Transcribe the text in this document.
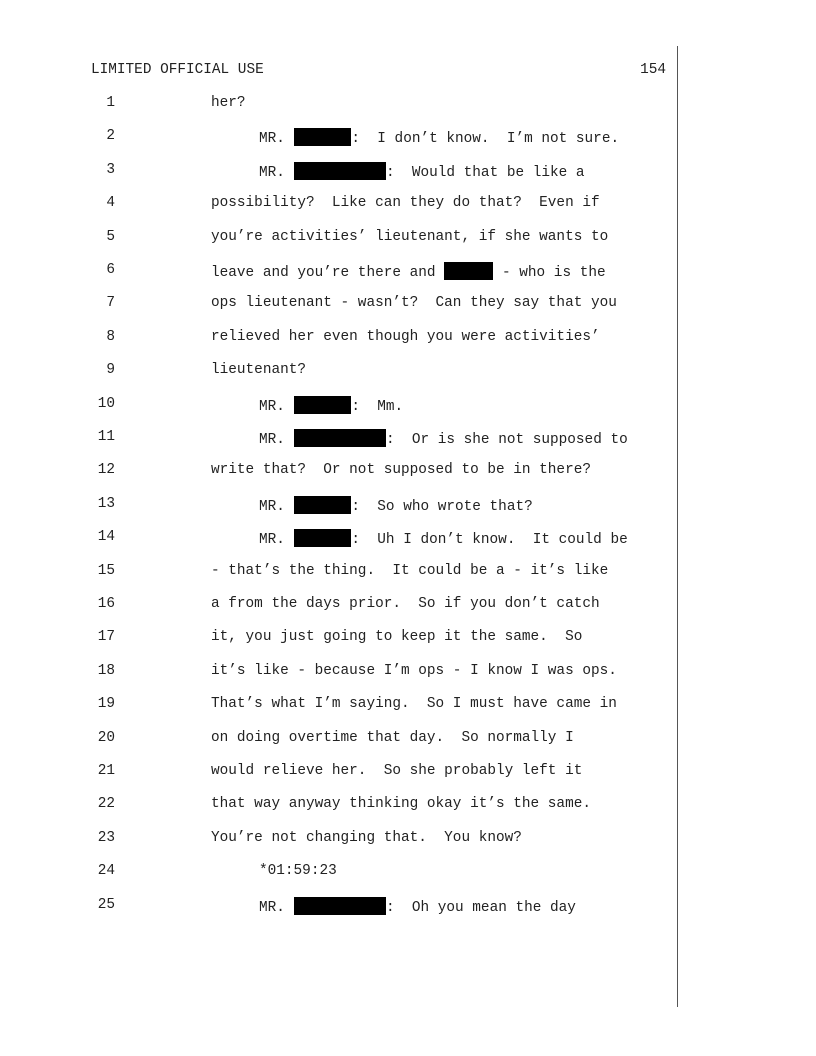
LIMITED OFFICIAL USE	154
1	her?
2	MR.	:  I don’t know.  I’m not sure.
3	MR.	:  Would that be like a
4	possibility?  Like can they do that?  Even if
5	you’re activities’ lieutenant, if she wants to
6	leave and you’re there and	- who is the
7	ops lieutenant - wasn’t?  Can they say that you
8	relieved her even though you were activities’
9	lieutenant?
10	MR.	:  Mm.
11	MR.	:  Or is she not supposed to
12	write that?  Or not supposed to be in there?
13	MR.	:  So who wrote that?
14	MR.	:  Uh I don’t know.  It could be
15	- that’s the thing.  It could be a - it’s like
16	a from the days prior.  So if you don’t catch
17	it, you just going to keep it the same.  So
18	it’s like - because I’m ops - I know I was ops.
19	That’s what I’m saying.  So I must have came in
20	on doing overtime that day.  So normally I
21	would relieve her.  So she probably left it
22	that way anyway thinking okay it’s the same.
23	You’re not changing that.  You know?
24	*01:59:23
25	MR.	:  Oh you mean the day
